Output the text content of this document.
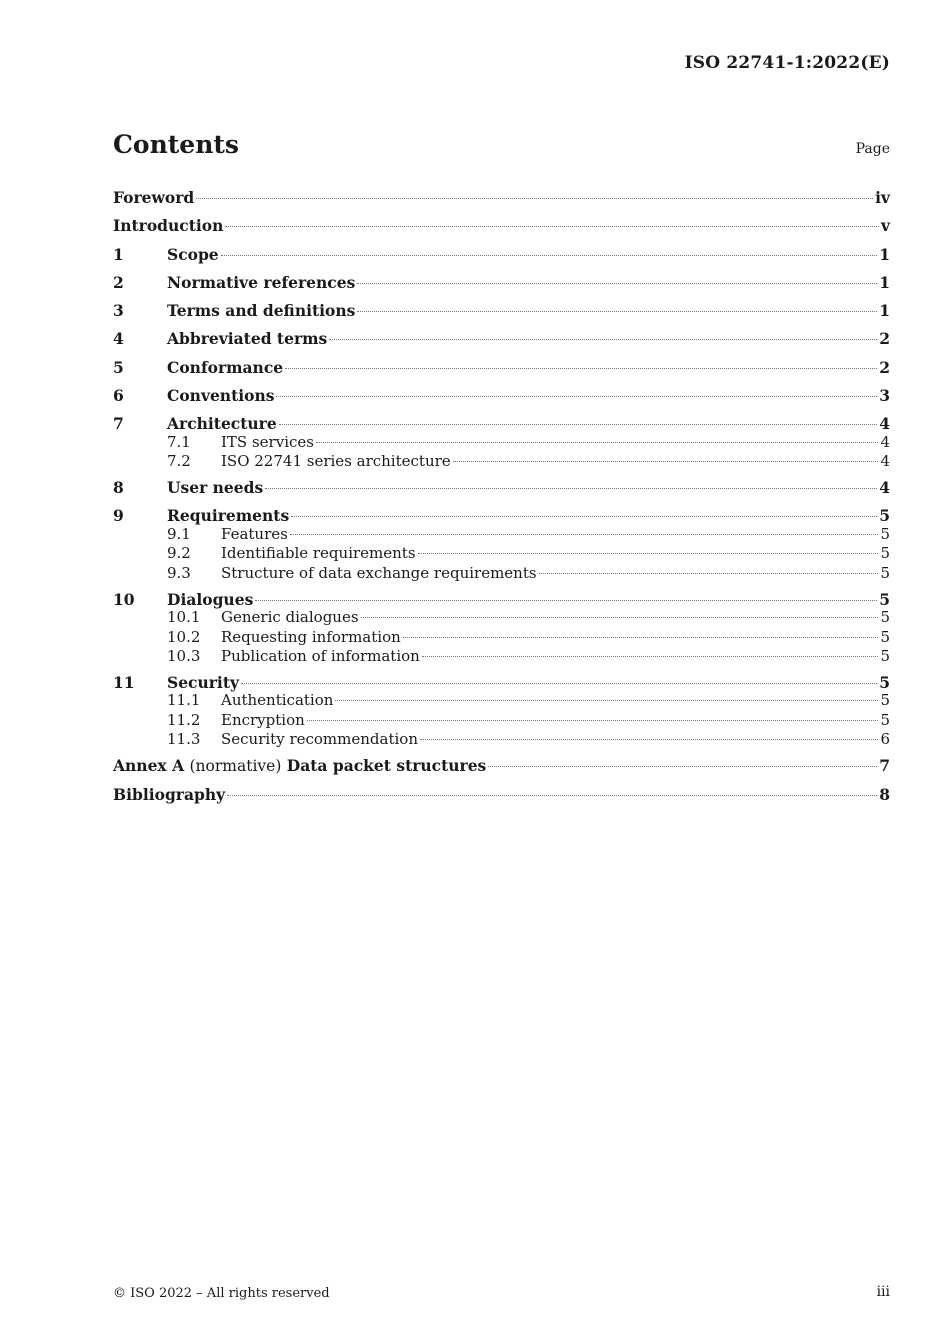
ISO 22741-1:2022(E)
Contents	Page
Foreword	iv
Introduction	v
1	Scope	1
2	Normative references	1
3	Terms and definitions	1
4	Abbreviated terms	2
5	Conformance	2
6	Conventions	3
7	Architecture	4
7.1	ITS services	4
7.2	ISO 22741 series architecture	4
8	User needs	4
9	Requirements	5
9.1	Features	5
9.2	Identifiable requirements	5
9.3	Structure of data exchange requirements	5
10	Dialogues	5
10.1	Generic dialogues	5
10.2	Requesting information	5
10.3	Publication of information	5
11	Security	5
11.1	Authentication	5
11.2	Encryption	5
11.3	Security recommendation	6
Annex A (normative) Data packet structures	7
Bibliography	8
© ISO 2022 – All rights reserved	iii
